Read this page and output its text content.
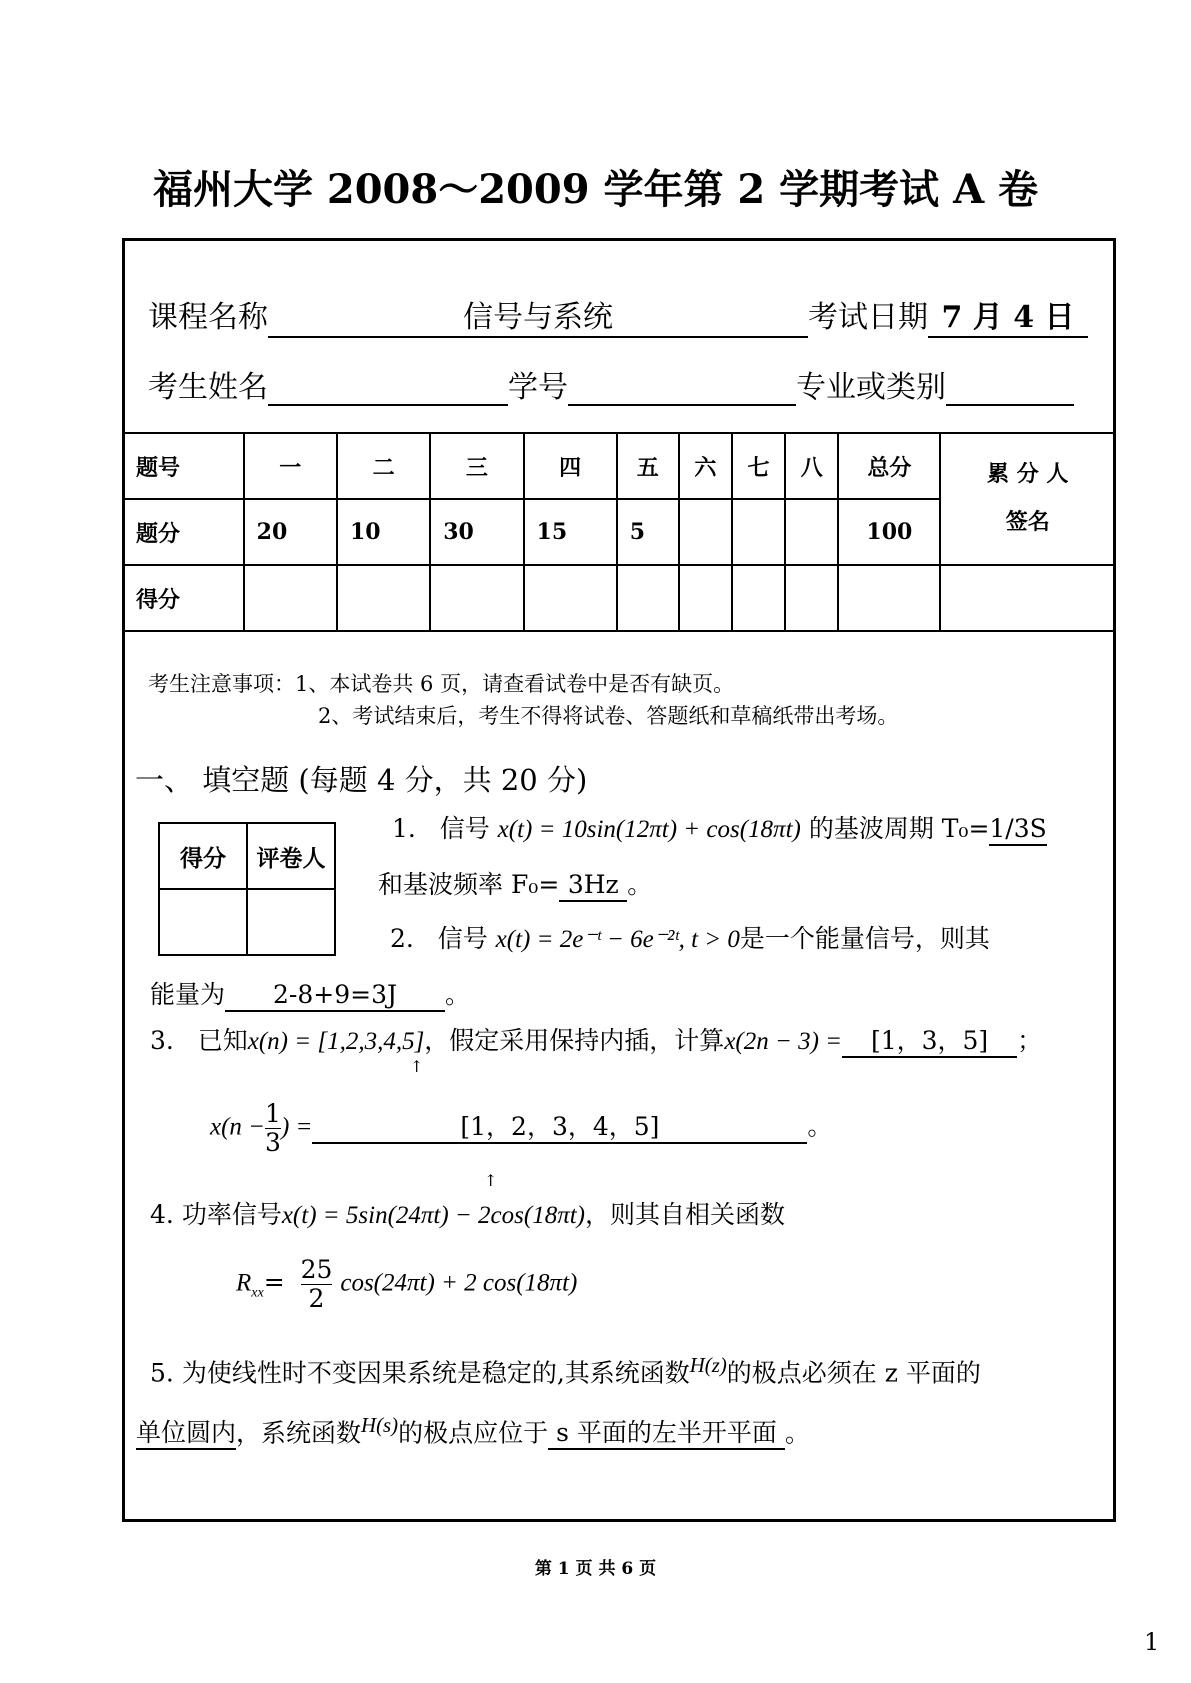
福州大学 2008～2009 学年第 2 学期考试 A 卷
课程名称	信号与系统	考试日期 7 月 4 日
考生姓名	学号	专业或类别
题号	一	二	三	四	五	六	七	八	总分	累 分 人
签名

题分	20	10	30	15	5				100	
得分										
考生注意事项：1、本试卷共 6 页，请查看试卷中是否有缺页。
2、考试结束后，考生不得将试卷、答题纸和草稿纸带出考场。
一、 填空题 (每题 4 分，共 20 分)
得分	评卷人

1. 信号 x(t) = 10sin(12πt) + cos(18πt) 的基波周期 T₀=1/3S
和基波频率 F₀= 3Hz 。
2. 信号 x(t) = 2e⁻ᵗ − 6e⁻²ᵗ, t > 0是一个能量信号，则其
能量为 2-8+9=3J 。
3. 已知x(n) = [1,2,3,4,5]，假定采用保持内插，计算x(2n − 3) = [1，3，5] ；
↑
$x(n - \frac{1}{3}$ ) =	[1，2，3，4，5]	。
↑
4. 功率信号x(t) = 5sin(24πt) − 2cos(18πt)，则其自相关函数
$R_{xx}= \frac{25}{2} \cos(24\pi t) + 2$ cos(18πt)
5. 为使线性时不变因果系统是稳定的,其系统函数$^{H(z)}$的极点必须在 z 平面的
单位圆内，系统函数$^{H(s)}$的极点应位于 s 平面的左半开平面 。
第 1 页 共 6 页
1
